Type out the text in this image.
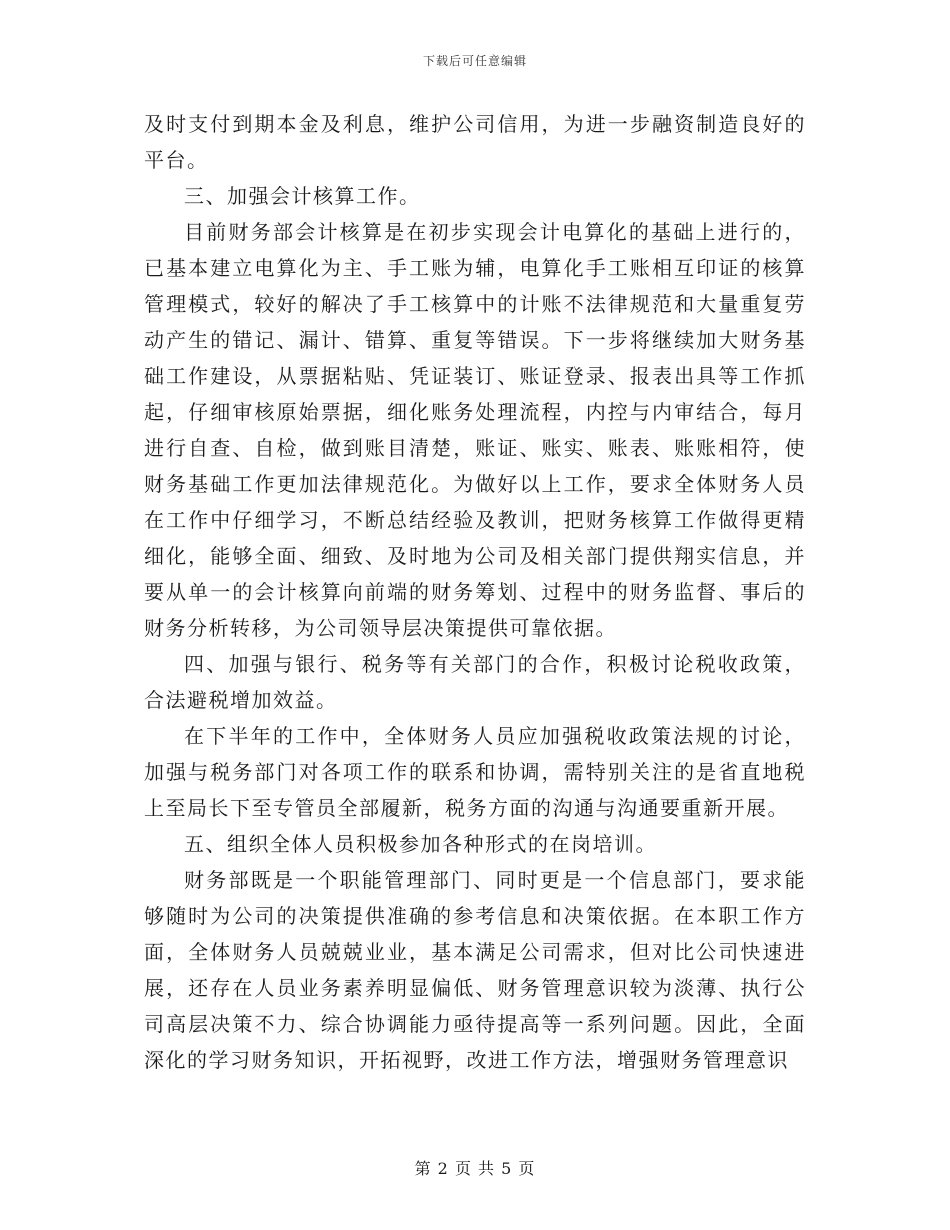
下载后可任意编辑

及时支付到期本金及利息，维护公司信用，为进一步融资制造良好的平台。

三、加强会计核算工作。

目前财务部会计核算是在初步实现会计电算化的基础上进行的，已基本建立电算化为主、手工账为辅，电算化手工账相互印证的核算管理模式，较好的解决了手工核算中的计账不法律规范和大量重复劳动产生的错记、漏计、错算、重复等错误。下一步将继续加大财务基础工作建设，从票据粘贴、凭证装订、账证登录、报表出具等工作抓起，仔细审核原始票据，细化账务处理流程，内控与内审结合，每月进行自查、自检，做到账目清楚，账证、账实、账表、账账相符，使财务基础工作更加法律规范化。为做好以上工作，要求全体财务人员在工作中仔细学习，不断总结经验及教训，把财务核算工作做得更精细化，能够全面、细致、及时地为公司及相关部门提供翔实信息，并要从单一的会计核算向前端的财务筹划、过程中的财务监督、事后的财务分析转移，为公司领导层决策提供可靠依据。

四、加强与银行、税务等有关部门的合作，积极讨论税收政策，合法避税增加效益。

在下半年的工作中，全体财务人员应加强税收政策法规的讨论，加强与税务部门对各项工作的联系和协调，需特别关注的是省直地税上至局长下至专管员全部履新，税务方面的沟通与沟通要重新开展。

五、组织全体人员积极参加各种形式的在岗培训。

财务部既是一个职能管理部门、同时更是一个信息部门，要求能够随时为公司的决策提供准确的参考信息和决策依据。在本职工作方面，全体财务人员兢兢业业，基本满足公司需求，但对比公司快速进展，还存在人员业务素养明显偏低、财务管理意识较为淡薄、执行公司高层决策不力、综合协调能力亟待提高等一系列问题。因此，全面深化的学习财务知识，开拓视野，改进工作方法，增强财务管理意识

第 2 页 共 5 页
